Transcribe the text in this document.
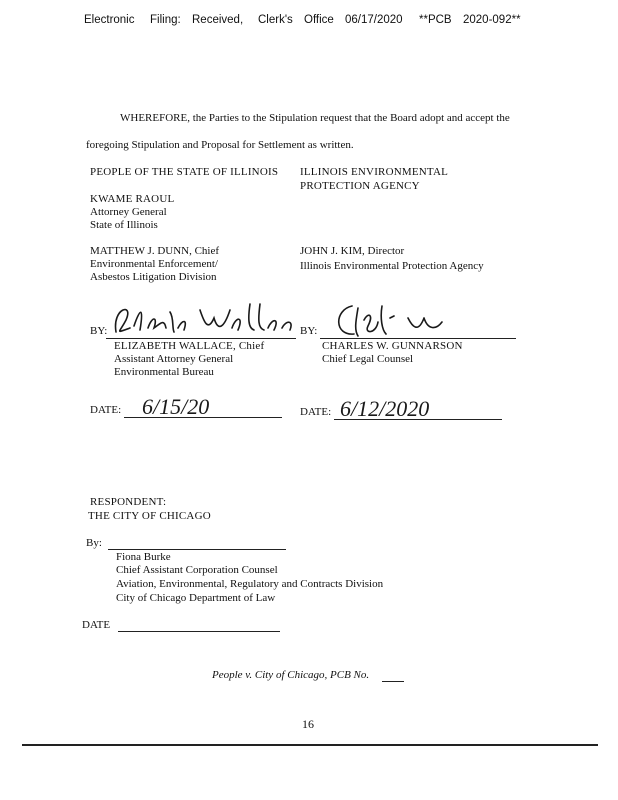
Electronic Filing: Received, Clerk's Office 06/17/2020 **PCB 2020-092**
WHEREFORE, the Parties to the Stipulation request that the Board adopt and accept the
foregoing Stipulation and Proposal for Settlement as written.
PEOPLE OF THE STATE OF ILLINOIS
KWAME RAOUL
Attorney General
State of Illinois
MATTHEW J. DUNN, Chief
Environmental Enforcement/
Asbestos Litigation Division
ILLINOIS ENVIRONMENTAL
PROTECTION AGENCY
JOHN J. KIM, Director
Illinois Environmental Protection Agency
BY:
ELIZABETH WALLACE, Chief
Assistant Attorney General
Environmental Bureau
BY:
CHARLES W. GUNNARSON
Chief Legal Counsel
DATE: 6/15/20	DATE: 6/12/2020
RESPONDENT:
THE CITY OF CHICAGO
By:
Fiona Burke
Chief Assistant Corporation Counsel
Aviation, Environmental, Regulatory and Contracts Division
City of Chicago Department of Law
DATE
People v. City of Chicago, PCB No.
16
